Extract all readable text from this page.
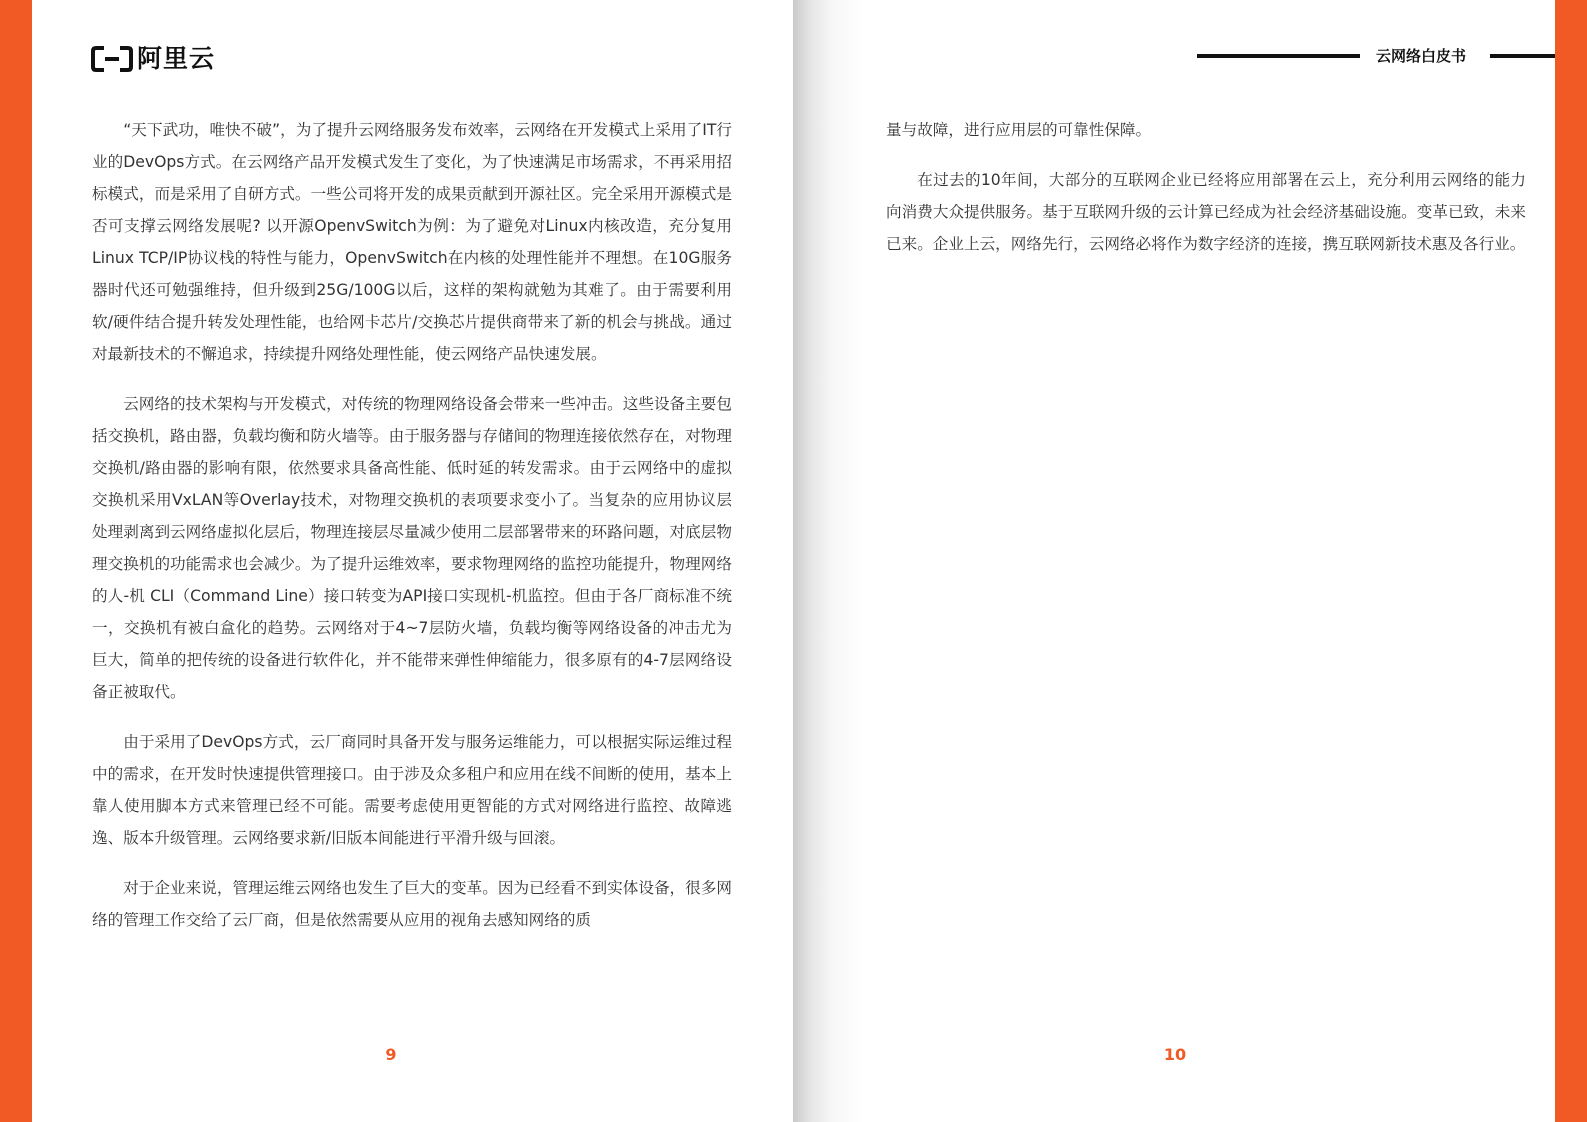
阿里云

“天下武功，唯快不破”，为了提升云网络服务发布效率，云网络在开发模式上采用了IT行业的DevOps方式。在云网络产品开发模式发生了变化，为了快速满足市场需求，不再采用招标模式，而是采用了自研方式。一些公司将开发的成果贡献到开源社区。完全采用开源模式是否可支撑云网络发展呢? 以开源OpenvSwitch为例：为了避免对Linux内核改造，充分复用 Linux TCP/IP协议栈的特性与能力，OpenvSwitch在内核的处理性能并不理想。在10G服务器时代还可勉强维持，但升级到25G/100G以后，这样的架构就勉为其难了。由于需要利用软/硬件结合提升转发处理性能，也给网卡芯片/交换芯片提供商带来了新的机会与挑战。通过对最新技术的不懈追求，持续提升网络处理性能，使云网络产品快速发展。

云网络的技术架构与开发模式，对传统的物理网络设备会带来一些冲击。这些设备主要包括交换机，路由器，负载均衡和防火墙等。由于服务器与存储间的物理连接依然存在，对物理交换机/路由器的影响有限，依然要求具备高性能、低时延的转发需求。由于云网络中的虚拟交换机采用VxLAN等Overlay技术，对物理交换机的表项要求变小了。当复杂的应用协议层处理剥离到云网络虚拟化层后，物理连接层尽量减少使用二层部署带来的环路问题，对底层物理交换机的功能需求也会减少。为了提升运维效率，要求物理网络的监控功能提升，物理网络的人-机 CLI（Command Line）接口转变为API接口实现机-机监控。但由于各厂商标准不统一，交换机有被白盒化的趋势。云网络对于4~7层防火墙，负载均衡等网络设备的冲击尤为巨大，简单的把传统的设备进行软件化，并不能带来弹性伸缩能力，很多原有的4-7层网络设备正被取代。

由于采用了DevOps方式，云厂商同时具备开发与服务运维能力，可以根据实际运维过程中的需求，在开发时快速提供管理接口。由于涉及众多租户和应用在线不间断的使用，基本上靠人使用脚本方式来管理已经不可能。需要考虑使用更智能的方式对网络进行监控、故障逃逸、版本升级管理。云网络要求新/旧版本间能进行平滑升级与回滚。

对于企业来说，管理运维云网络也发生了巨大的变革。因为已经看不到实体设备，很多网络的管理工作交给了云厂商，但是依然需要从应用的视角去感知网络的质

9
云网络白皮书

量与故障，进行应用层的可靠性保障。

在过去的10年间，大部分的互联网企业已经将应用部署在云上，充分利用云网络的能力向消费大众提供服务。基于互联网升级的云计算已经成为社会经济基础设施。变革已致，未来已来。企业上云，网络先行，云网络必将作为数字经济的连接，携互联网新技术惠及各行业。

10
